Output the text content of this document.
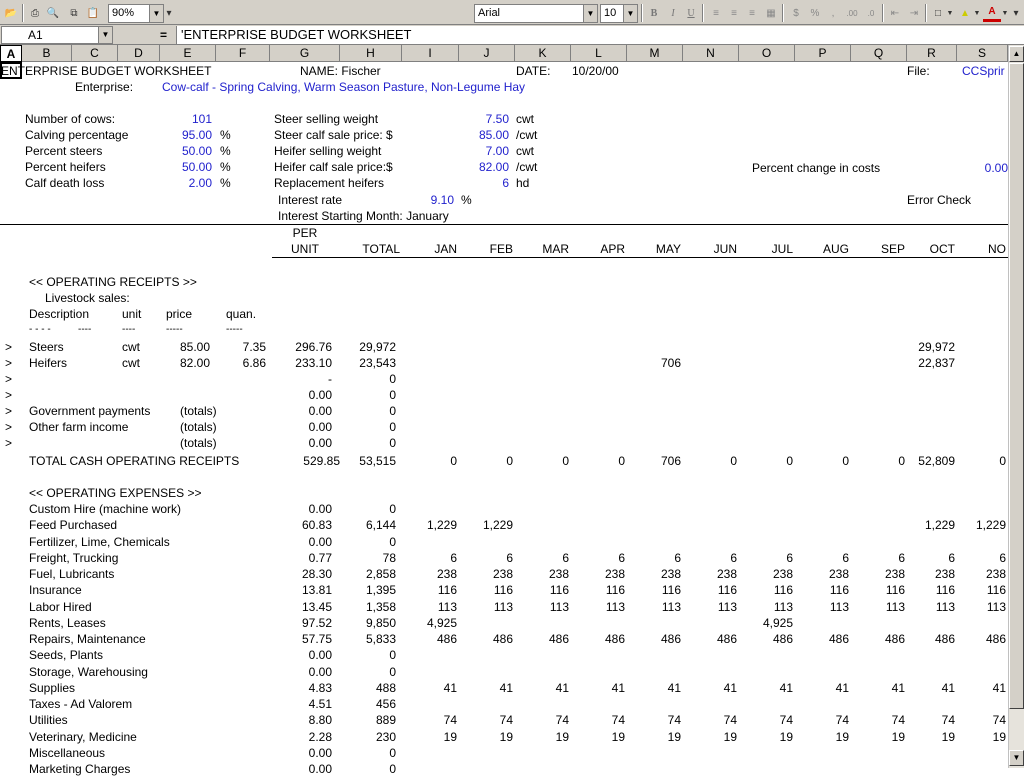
📂	⎙ 🔍	⧉ 📋	90%	▼ ▾	Arial	▼ 10	▼	B	I	U	≡	≡	≡	▦	$	%	,	.00	.0	⇤	⇥	□ ▼ ▲ ▼ A ▼ ▾
A1	▼	=	'ENTERPRISE BUDGET WORKSHEET
A	B	C	D	E	F	G	H	I	J	K	L	M	N	O	P	Q	R	S
ENTERPRISE BUDGET WORKSHEET	NAME: Fischer	DATE: 10/20/00	File:	CCSprir
Enterprise: Cow-calf - Spring Calving, Warm Season Pasture, Non-Legume Hay
Number of cows:	101
Calving percentage	95.00 %
Percent steers	50.00 %
Percent heifers	50.00 %
Calf death loss	2.00 %
Steer selling weight	7.50 cwt
Steer calf sale price: $	85.00 /cwt
Heifer selling weight	7.00 cwt
Heifer calf sale price:$	82.00 /cwt
Replacement heifers	6 hd
Interest rate	9.10 %
Interest Starting Month: January
Percent change in costs	0.00
Error Check
PER
UNIT	TOTAL	JAN	FEB	MAR	APR	MAY	JUN	JUL	AUG	SEP	OCT	NO
<< OPERATING RECEIPTS >>
Livestock sales:
Description	unit price	quan.
- - - -	----	----	-----	-----
> Steers	cwt	85.00	7.35	296.76	29,972	29,972
> Heifers	cwt	82.00	6.86	233.10	23,543	706	22,837
>	-	0
>	0.00	0
> Government payments (totals)	0.00	0
> Other farm income	(totals)	0.00	0
>	(totals)	0.00	0
TOTAL CASH OPERATING RECEIPTS	529.85	53,515	0	0	0	0	706	0	0	0	0	52,809	0
<< OPERATING EXPENSES >>
Custom Hire (machine work)	0.00	0
Feed Purchased	60.83	6,144	1,229	1,229	1,229	1,229
Fertilizer, Lime, Chemicals	0.00	0
Freight, Trucking	0.77	78	6	6	6	6	6	6	6	6	6	6	6
Fuel, Lubricants	28.30	2,858	238	238	238	238	238	238	238	238	238	238	238
Insurance	13.81	1,395	116	116	116	116	116	116	116	116	116	116	116
Labor Hired	13.45	1,358	113	113	113	113	113	113	113	113	113	113	113
Rents, Leases	97.52	9,850	4,925	4,925
Repairs, Maintenance	57.75	5,833	486	486	486	486	486	486	486	486	486	486	486
Seeds, Plants	0.00	0
Storage, Warehousing	0.00	0
Supplies	4.83	488	41	41	41	41	41	41	41	41	41	41	41
Taxes - Ad Valorem	4.51	456
Utilities	8.80	889	74	74	74	74	74	74	74	74	74	74	74
Veterinary, Medicine	2.28	230	19	19	19	19	19	19	19	19	19	19	19
Miscellaneous	0.00	0
Marketing Charges	0.00	0
▲
▼
